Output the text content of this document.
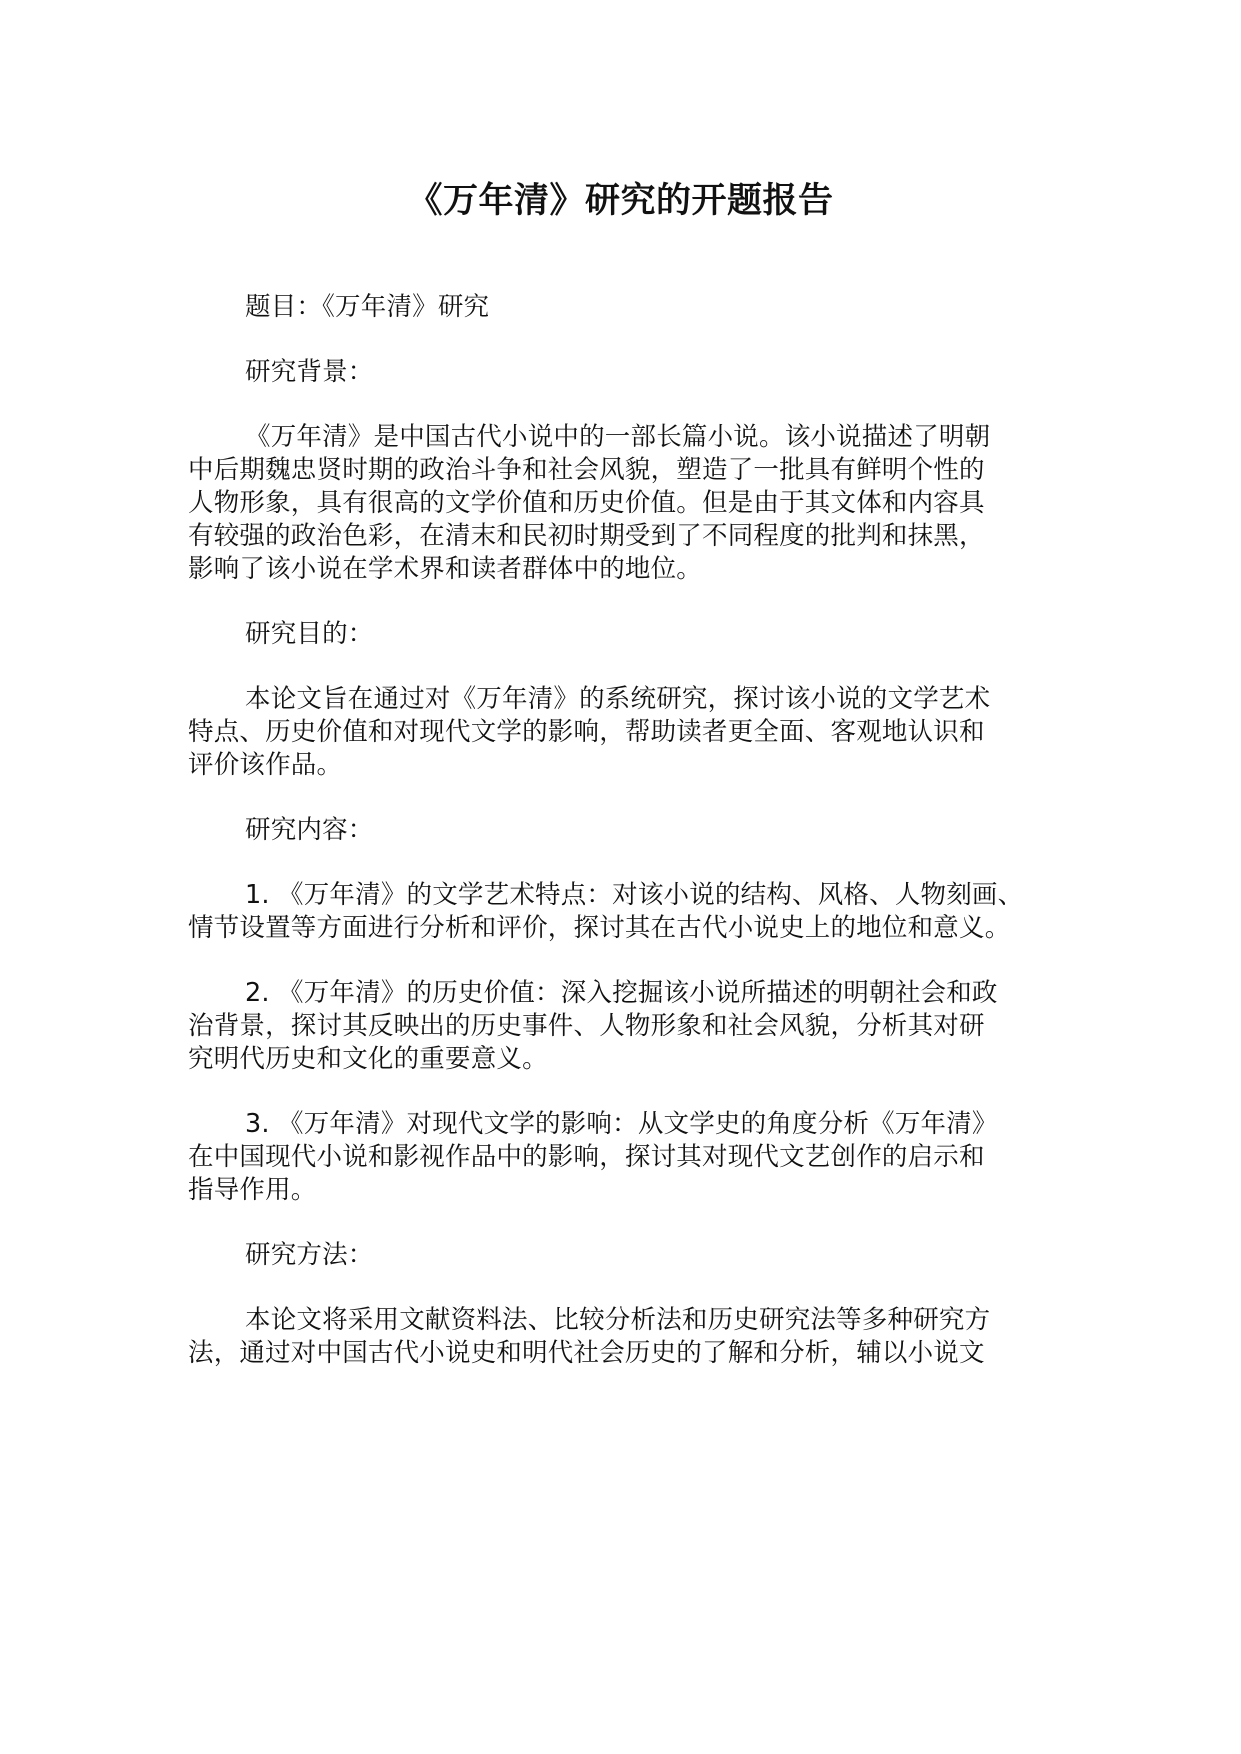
《万年清》研究的开题报告
题目：《万年清》研究
研究背景：
《万年清》是中国古代小说中的一部长篇小说。该小说描述了明朝
中后期魏忠贤时期的政治斗争和社会风貌，塑造了一批具有鲜明个性的
人物形象，具有很高的文学价值和历史价值。但是由于其文体和内容具
有较强的政治色彩，在清末和民初时期受到了不同程度的批判和抹黑，
影响了该小说在学术界和读者群体中的地位。
研究目的：
本论文旨在通过对《万年清》的系统研究，探讨该小说的文学艺术
特点、历史价值和对现代文学的影响，帮助读者更全面、客观地认识和
评价该作品。
研究内容：
1. 《万年清》的文学艺术特点：对该小说的结构、风格、人物刻画、
情节设置等方面进行分析和评价，探讨其在古代小说史上的地位和意义。
2. 《万年清》的历史价值：深入挖掘该小说所描述的明朝社会和政
治背景，探讨其反映出的历史事件、人物形象和社会风貌，分析其对研
究明代历史和文化的重要意义。
3. 《万年清》对现代文学的影响：从文学史的角度分析《万年清》
在中国现代小说和影视作品中的影响，探讨其对现代文艺创作的启示和
指导作用。
研究方法：
本论文将采用文献资料法、比较分析法和历史研究法等多种研究方
法，通过对中国古代小说史和明代社会历史的了解和分析，辅以小说文
